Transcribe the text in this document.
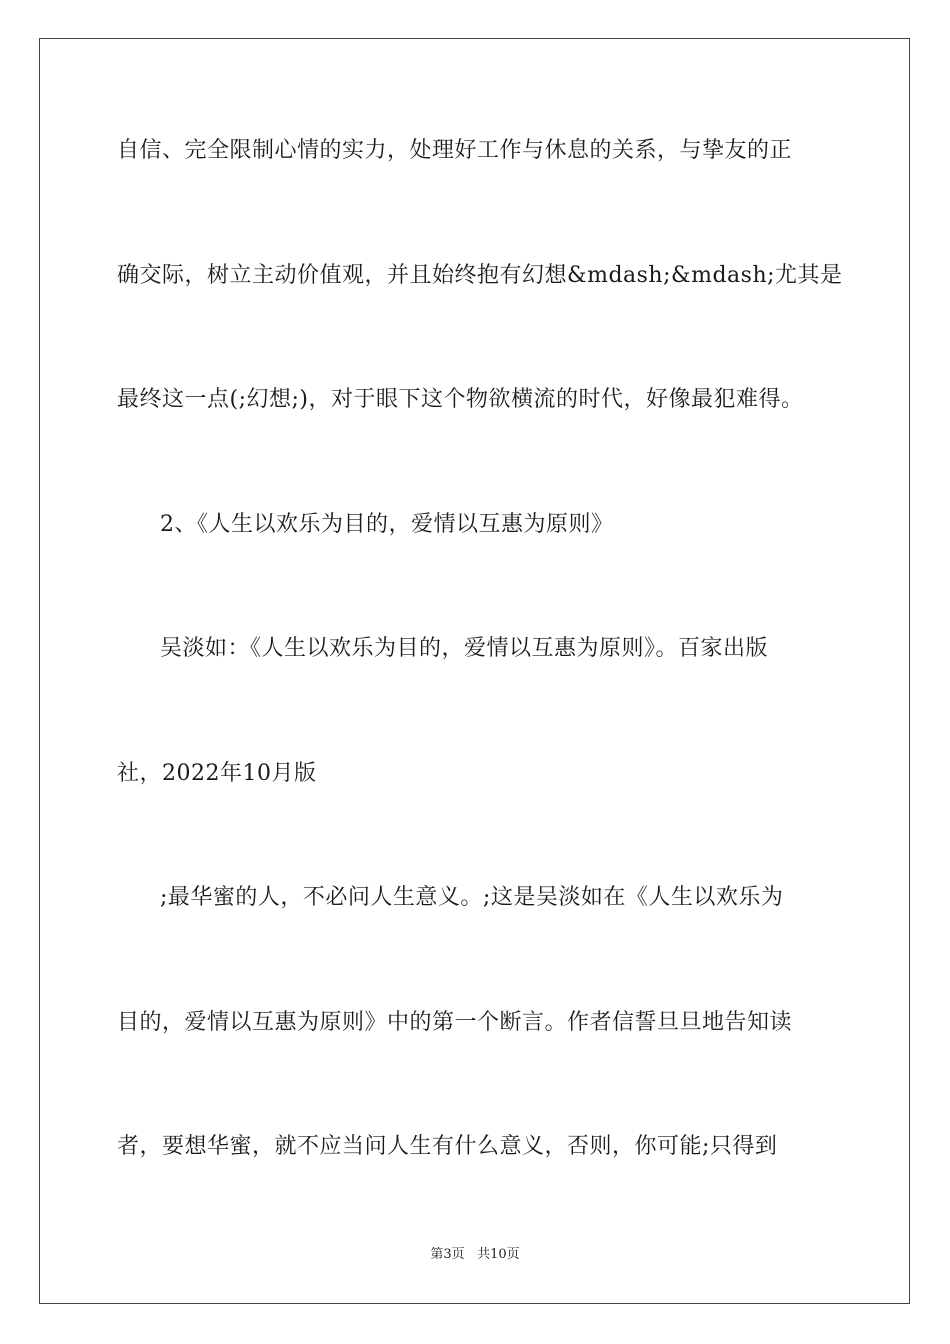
自信、完全限制心情的实力，处理好工作与休息的关系，与挚友的正
确交际，树立主动价值观，并且始终抱有幻想&mdash;&mdash;尤其是
最终这一点(;幻想;)，对于眼下这个物欲横流的时代，好像最犯难得。
2、《人生以欢乐为目的，爱情以互惠为原则》
吴淡如：《人生以欢乐为目的，爱情以互惠为原则》。百家出版
社，2022年10月版
;最华蜜的人，不必问人生意义。;这是吴淡如在《人生以欢乐为
目的，爱情以互惠为原则》中的第一个断言。作者信誓旦旦地告知读
者，要想华蜜，就不应当问人生有什么意义，否则，你可能;只得到
第3页 共10页
